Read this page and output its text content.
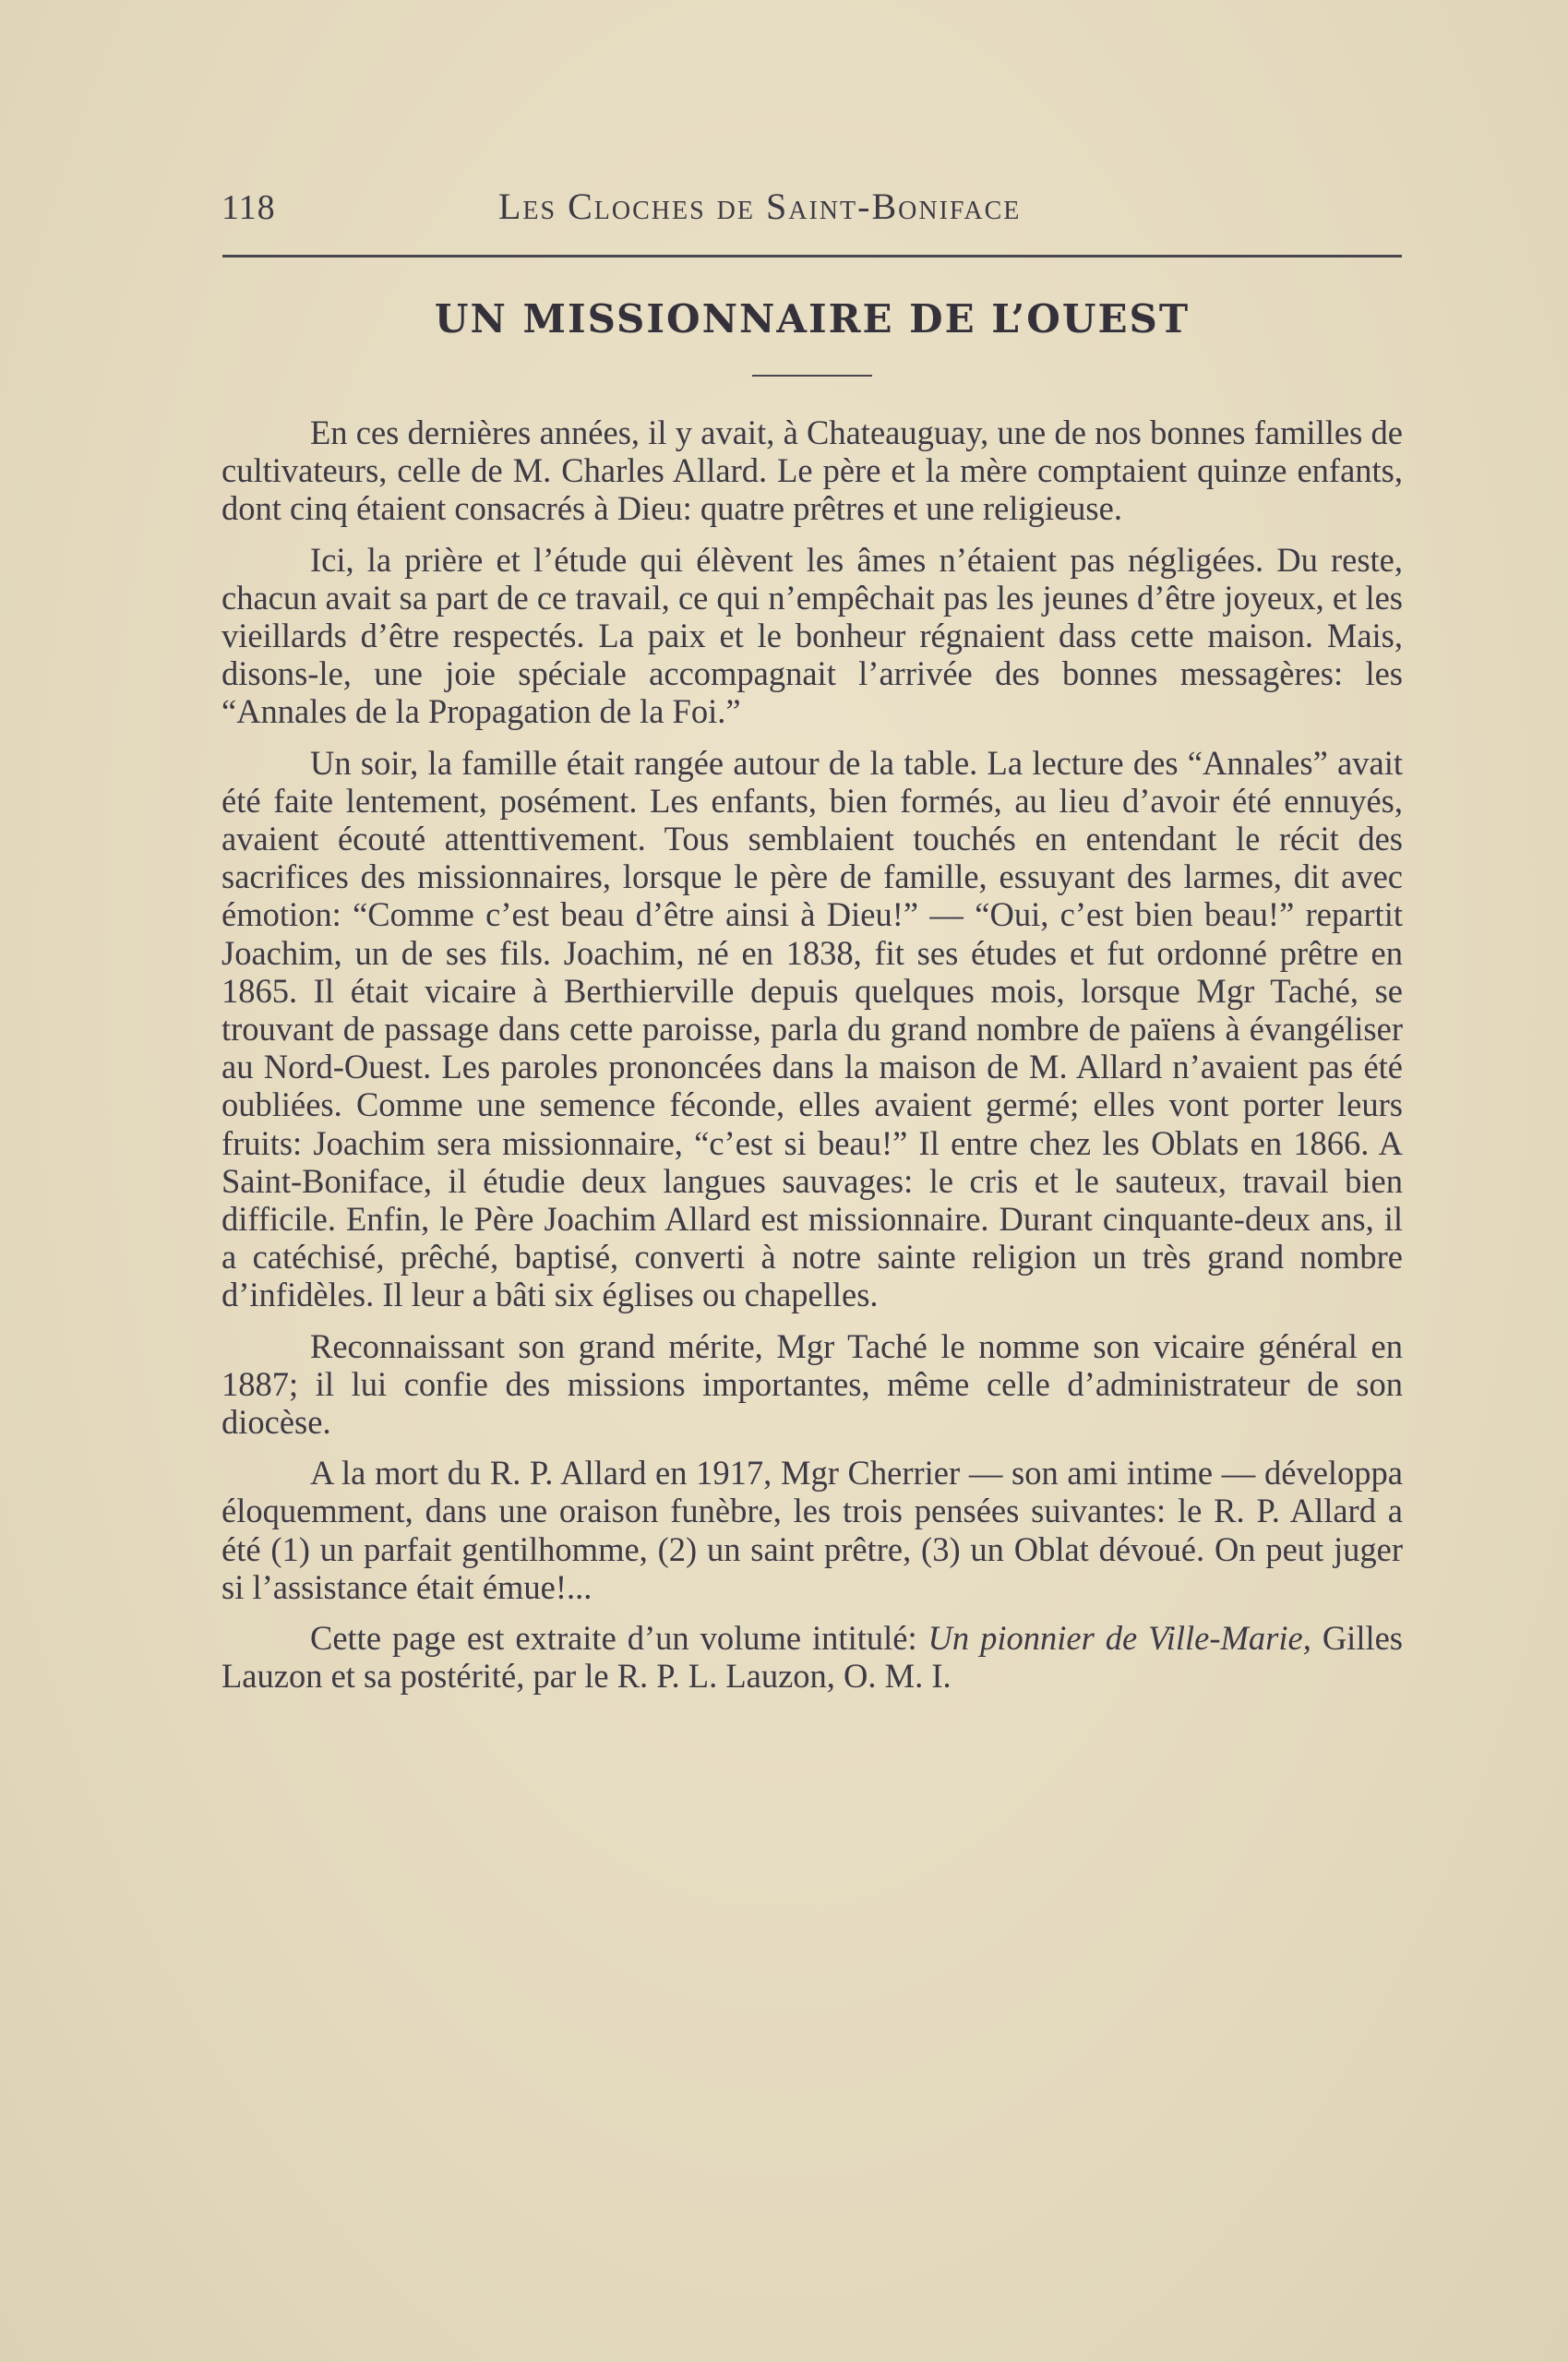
118	Les Cloches de Saint-Boniface
UN MISSIONNAIRE DE L’OUEST

En ces dernières années, il y avait, à Chateauguay, une de nos bonnes familles de cultivateurs, celle de M. Charles Allard. Le père et la mère comptaient quinze enfants, dont cinq étaient consacrés à Dieu: quatre prêtres et une religieuse.

Ici, la prière et l’étude qui élèvent les âmes n’étaient pas négligées. Du reste, chacun avait sa part de ce travail, ce qui n’empêchait pas les jeunes d’être joyeux, et les vieillards d’être respectés. La paix et le bonheur régnaient dass cette maison. Mais, disons-le, une joie spéciale accompagnait l’arrivée des bonnes messagères: les “Annales de la Propagation de la Foi.”

Un soir, la famille était rangée autour de la table. La lecture des “Annales” avait été faite lentement, posément. Les enfants, bien formés, au lieu d’avoir été ennuyés, avaient écouté attenttivement. Tous semblaient touchés en entendant le récit des sacrifices des missionnaires, lorsque le père de famille, essuyant des larmes, dit avec émotion: “Comme c’est beau d’être ainsi à Dieu!” — “Oui, c’est bien beau!” repartit Joachim, un de ses fils. Joachim, né en 1838, fit ses études et fut ordonné prêtre en 1865. Il était vicaire à Berthierville depuis quelques mois, lorsque Mgr Taché, se trouvant de passage dans cette paroisse, parla du grand nombre de païens à évangéliser au Nord-Ouest. Les paroles prononcées dans la maison de M. Allard n’avaient pas été oubliées. Comme une semence féconde, elles avaient germé; elles vont porter leurs fruits: Joachim sera missionnaire, “c’est si beau!” Il entre chez les Oblats en 1866. A Saint-Boniface, il étudie deux langues sauvages: le cris et le sauteux, travail bien difficile. Enfin, le Père Joachim Allard est missionnaire. Durant cinquante-deux ans, il a catéchisé, prêché, baptisé, converti à notre sainte religion un très grand nombre d’infidèles. Il leur a bâti six églises ou chapelles.

Reconnaissant son grand mérite, Mgr Taché le nomme son vicaire général en 1887; il lui confie des missions importantes, même celle d’administrateur de son diocèse.

A la mort du R. P. Allard en 1917, Mgr Cherrier — son ami intime — développa éloquemment, dans une oraison funèbre, les trois pensées suivantes: le R. P. Allard a été (1) un parfait gentilhomme, (2) un saint prêtre, (3) un Oblat dévoué. On peut juger si l’assistance était émue!...

Cette page est extraite d’un volume intitulé: Un pionnier de Ville-Marie, Gilles Lauzon et sa postérité, par le R. P. L. Lauzon, O. M. I.
